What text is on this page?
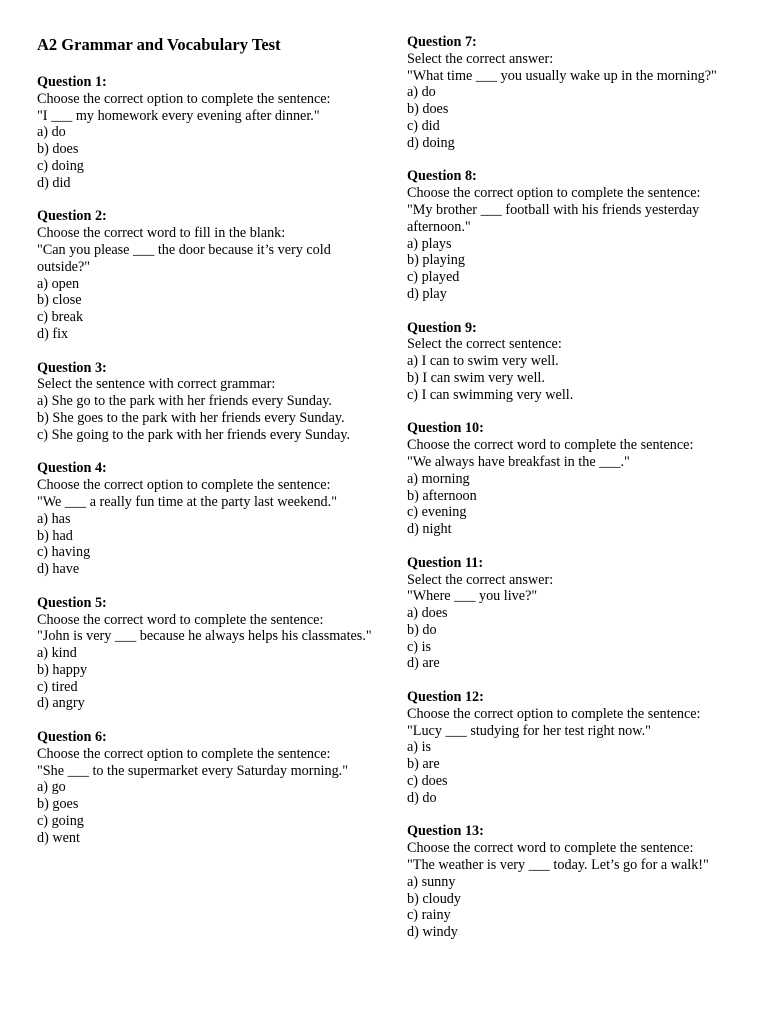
A2 Grammar and Vocabulary Test
Question 1:
Choose the correct option to complete the sentence:
"I ___ my homework every evening after dinner."
a) do
b) does
c) doing
d) did
Question 2:
Choose the correct word to fill in the blank:
"Can you please ___ the door because it’s very cold outside?"
a) open
b) close
c) break
d) fix
Question 3:
Select the sentence with correct grammar:
a) She go to the park with her friends every Sunday.
b) She goes to the park with her friends every Sunday.
c) She going to the park with her friends every Sunday.
Question 4:
Choose the correct option to complete the sentence:
"We ___ a really fun time at the party last weekend."
a) has
b) had
c) having
d) have
Question 5:
Choose the correct word to complete the sentence:
"John is very ___ because he always helps his classmates."
a) kind
b) happy
c) tired
d) angry
Question 6:
Choose the correct option to complete the sentence:
"She ___ to the supermarket every Saturday morning."
a) go
b) goes
c) going
d) went
Question 7:
Select the correct answer:
"What time ___ you usually wake up in the morning?"
a) do
b) does
c) did
d) doing
Question 8:
Choose the correct option to complete the sentence:
"My brother ___ football with his friends yesterday afternoon."
a) plays
b) playing
c) played
d) play
Question 9:
Select the correct sentence:
a) I can to swim very well.
b) I can swim very well.
c) I can swimming very well.
Question 10:
Choose the correct word to complete the sentence:
"We always have breakfast in the ___."
a) morning
b) afternoon
c) evening
d) night
Question 11:
Select the correct answer:
"Where ___ you live?"
a) does
b) do
c) is
d) are
Question 12:
Choose the correct option to complete the sentence:
"Lucy ___ studying for her test right now."
a) is
b) are
c) does
d) do
Question 13:
Choose the correct word to complete the sentence:
"The weather is very ___ today. Let’s go for a walk!"
a) sunny
b) cloudy
c) rainy
d) windy
